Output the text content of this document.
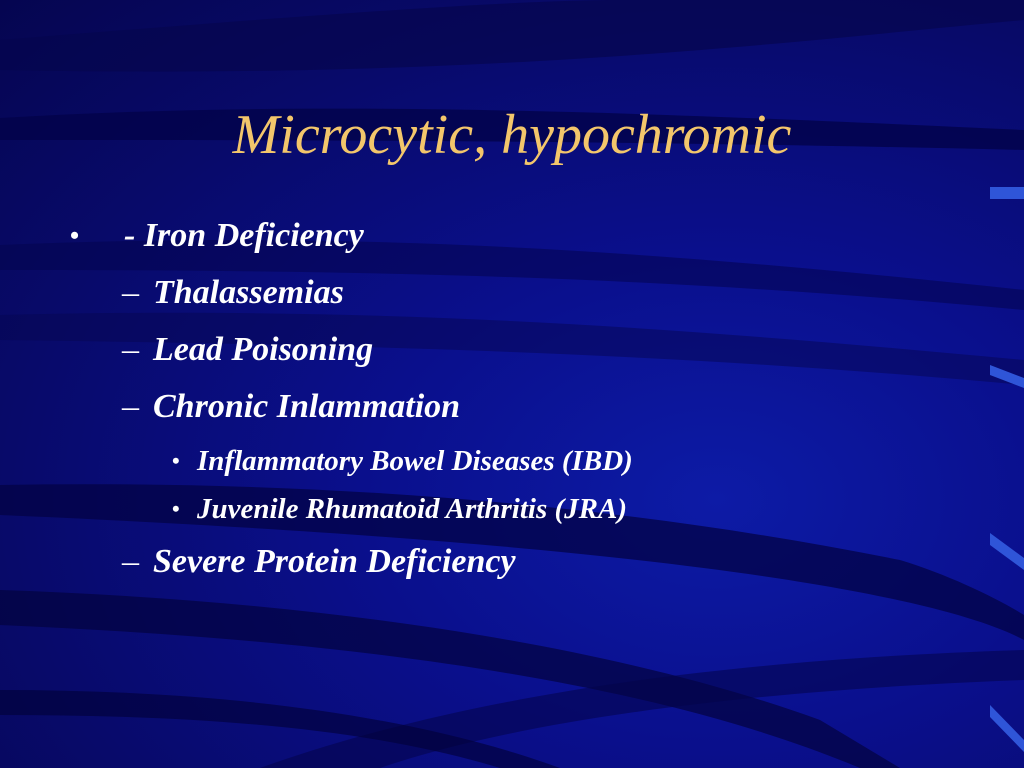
Microcytic, hypochromic
• - Iron Deficiency
– Thalassemias
– Lead Poisoning
– Chronic Inlammation
• Inflammatory Bowel Diseases (IBD)
• Juvenile Rhumatoid Arthritis (JRA)
– Severe Protein Deficiency
